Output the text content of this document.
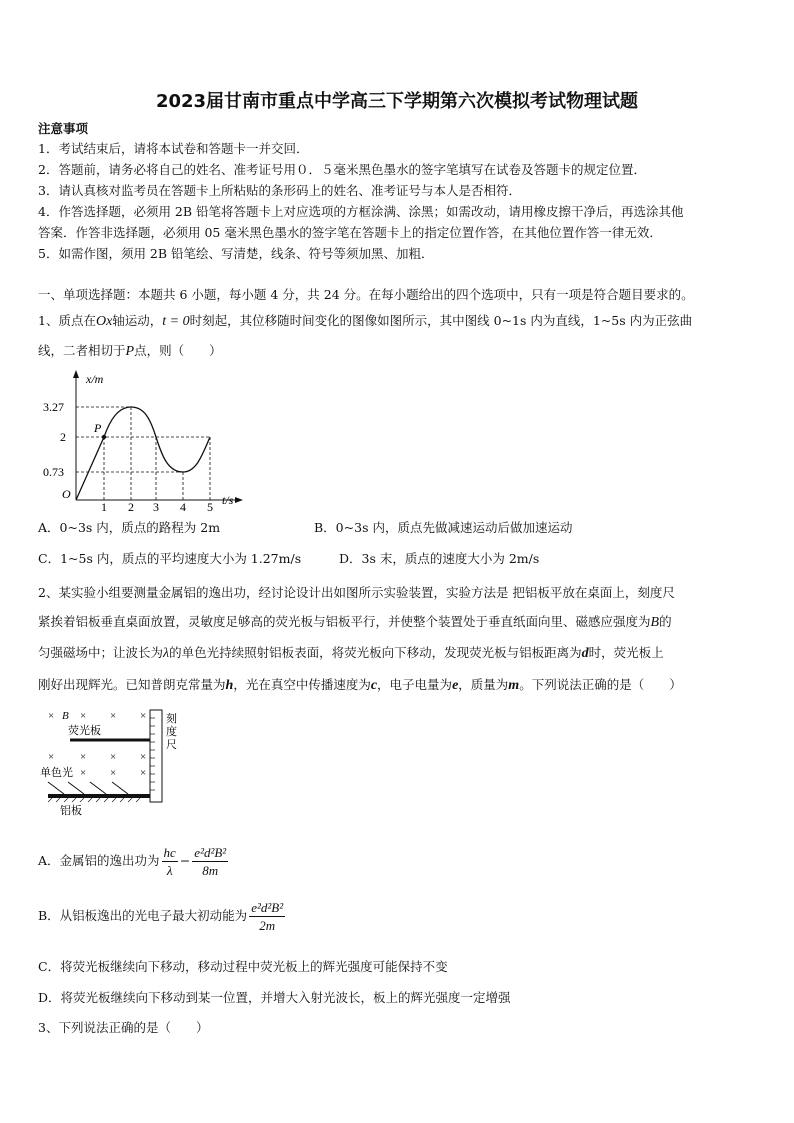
2023届甘南市重点中学高三下学期第六次模拟考试物理试题
注意事项
1．考试结束后，请将本试卷和答题卡一并交回．
2．答题前，请务必将自己的姓名、准考证号用０．５毫米黑色墨水的签字笔填写在试卷及答题卡的规定位置．
3．请认真核对监考员在答题卡上所粘贴的条形码上的姓名、准考证号与本人是否相符．
4．作答选择题，必须用 2B 铅笔将答题卡上对应选项的方框涂满、涂黑；如需改动，请用橡皮擦干净后，再选涂其他
答案．作答非选择题，必须用 05 毫米黑色墨水的签字笔在答题卡上的指定位置作答，在其他位置作答一律无效．
5．如需作图，须用 2B 铅笔绘、写清楚，线条、符号等须加黑、加粗．
一、单项选择题：本题共 6 小题，每小题 4 分，共 24 分。在每小题给出的四个选项中，只有一项是符合题目要求的。
1、质点在Ox轴运动，t = 0时刻起，其位移随时间变化的图像如图所示，其中图线 0~1s 内为直线，1~5s 内为正弦曲
线，二者相切于P点，则（　　）
x/m
t/s
O
P
3.27
2
0.73
1 2 3 4 5
A．0~3s 内，质点的路程为 2m	B．0~3s 内，质点先做减速运动后做加速运动
C．1~5s 内，质点的平均速度大小为 1.27m/s	D．3s 末，质点的速度大小为 2m/s
2、某实验小组要测量金属铝的逸出功，经讨论设计出如图所示实验装置，实验方法是 把铝板平放在桌面上，刻度尺
紧挨着铝板垂直桌面放置，灵敏度足够高的荧光板与铝板平行，并使整个装置处于垂直纸面向里、磁感应强度为B的
匀强磁场中；让波长为λ的单色光持续照射铝板表面，将荧光板向下移动，发现荧光板与铝板距离为d时，荧光板上
刚好出现辉光。已知普朗克常量为h，光在真空中传播速度为c，电子电量为e，质量为m。下列说法正确的是（　　）
× B × × ×
× × × ×
× × ×
荧光板
刻度尺
单色光
铝板
A．金属铝的逸出功为 $\frac{hc}{\lambda} - \frac{\text{e²d²B²}}{8m}$
B．从铝板逸出的光电子最大初动能为 $\frac{\text{e²d²B²}}{2m}$
C．将荧光板继续向下移动，移动过程中荧光板上的辉光强度可能保持不变
D．将荧光板继续向下移动到某一位置，并增大入射光波长，板上的辉光强度一定增强
3、下列说法正确的是（　　）
